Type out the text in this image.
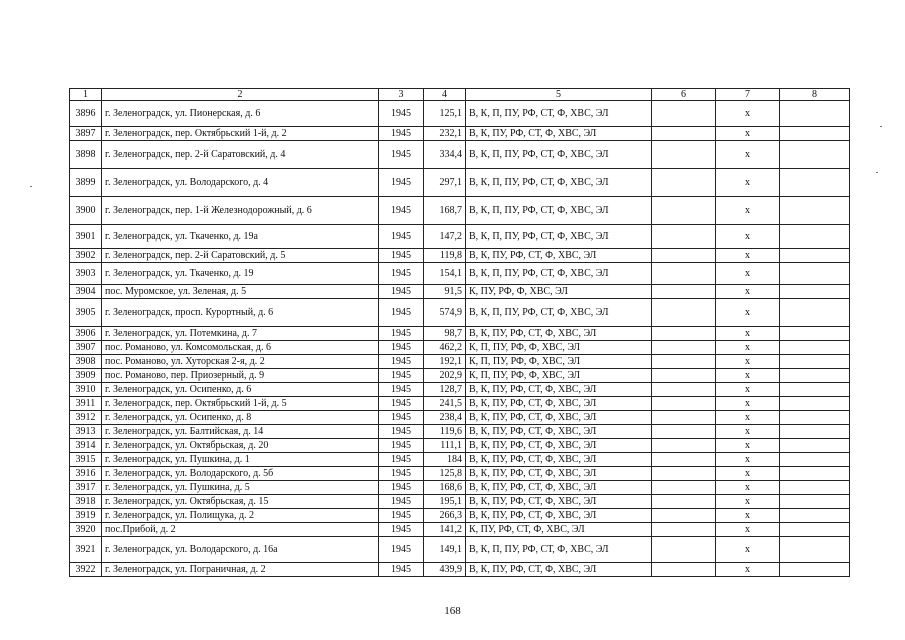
1	2	3	4	5	6	7	8
3896	г. Зеленоградск, ул. Пионерская, д. 6	1945	125,1	В, К, П, ПУ, РФ, СТ, Ф, ХВС, ЭЛ		х	
3897	г. Зеленоградск, пер. Октябрьский 1-й, д. 2	1945	232,1	В, К, ПУ, РФ, СТ, Ф, ХВС, ЭЛ		х	
3898	г. Зеленоградск, пер. 2-й Саратовский, д. 4	1945	334,4	В, К, П, ПУ, РФ, СТ, Ф, ХВС, ЭЛ		х	
3899	г. Зеленоградск, ул. Володарского, д. 4	1945	297,1	В, К, П, ПУ, РФ, СТ, Ф, ХВС, ЭЛ		х	
3900	г. Зеленоградск, пер. 1-й Железнодорожный, д. 6	1945	168,7	В, К, П, ПУ, РФ, СТ, Ф, ХВС, ЭЛ		х	
3901	г. Зеленоградск, ул. Ткаченко, д. 19а	1945	147,2	В, К, П, ПУ, РФ, СТ, Ф, ХВС, ЭЛ		х	
3902	г. Зеленоградск, пер. 2-й Саратовский, д. 5	1945	119,8	В, К, ПУ, РФ, СТ, Ф, ХВС, ЭЛ		х	
3903	г. Зеленоградск, ул. Ткаченко, д. 19	1945	154,1	В, К, П, ПУ, РФ, СТ, Ф, ХВС, ЭЛ		х	
3904	пос. Муромское, ул. Зеленая, д. 5	1945	91,5	К, ПУ, РФ, Ф, ХВС, ЭЛ		х	
3905	г. Зеленоградск, просп. Курортный, д. 6	1945	574,9	В, К, П, ПУ, РФ, СТ, Ф, ХВС, ЭЛ		х	
3906	г. Зеленоградск, ул. Потемкина, д. 7	1945	98,7	В, К, ПУ, РФ, СТ, Ф, ХВС, ЭЛ		х	
3907	пос. Романово, ул. Комсомольская, д. 6	1945	462,2	К, П, ПУ, РФ, Ф, ХВС, ЭЛ		х	
3908	пос. Романово, ул. Хуторская 2-я, д. 2	1945	192,1	К, П, ПУ, РФ, Ф, ХВС, ЭЛ		х	
3909	пос. Романово, пер. Приозерный, д. 9	1945	202,9	К, П, ПУ, РФ, Ф, ХВС, ЭЛ		х	
3910	г. Зеленоградск, ул. Осипенко, д. 6	1945	128,7	В, К, ПУ, РФ, СТ, Ф, ХВС, ЭЛ		х	
3911	г. Зеленоградск, пер. Октябрьский 1-й, д. 5	1945	241,5	В, К, ПУ, РФ, СТ, Ф, ХВС, ЭЛ		х	
3912	г. Зеленоградск, ул. Осипенко, д. 8	1945	238,4	В, К, ПУ, РФ, СТ, Ф, ХВС, ЭЛ		х	
3913	г. Зеленоградск, ул. Балтийская, д. 14	1945	119,6	В, К, ПУ, РФ, СТ, Ф, ХВС, ЭЛ		х	
3914	г. Зеленоградск, ул. Октябрьская, д. 20	1945	111,1	В, К, ПУ, РФ, СТ, Ф, ХВС, ЭЛ		х	
3915	г. Зеленоградск, ул. Пушкина, д. 1	1945	184	В, К, ПУ, РФ, СТ, Ф, ХВС, ЭЛ		х	
3916	г. Зеленоградск, ул. Володарского, д. 5б	1945	125,8	В, К, ПУ, РФ, СТ, Ф, ХВС, ЭЛ		х	
3917	г. Зеленоградск, ул. Пушкина, д. 5	1945	168,6	В, К, ПУ, РФ, СТ, Ф, ХВС, ЭЛ		х	
3918	г. Зеленоградск, ул. Октябрьская, д. 15	1945	195,1	В, К, ПУ, РФ, СТ, Ф, ХВС, ЭЛ		х	
3919	г. Зеленоградск, ул. Полищука, д. 2	1945	266,3	В, К, ПУ, РФ, СТ, Ф, ХВС, ЭЛ		х	
3920	пос.Прибой, д. 2	1945	141,2	К, ПУ, РФ, СТ, Ф, ХВС, ЭЛ		х	
3921	г. Зеленоградск, ул. Володарского, д. 16а	1945	149,1	В, К, П, ПУ, РФ, СТ, Ф, ХВС, ЭЛ		х	
3922	г. Зеленоградск, ул. Пограничная, д. 2	1945	439,9	В, К, ПУ, РФ, СТ, Ф, ХВС, ЭЛ		х	
168
